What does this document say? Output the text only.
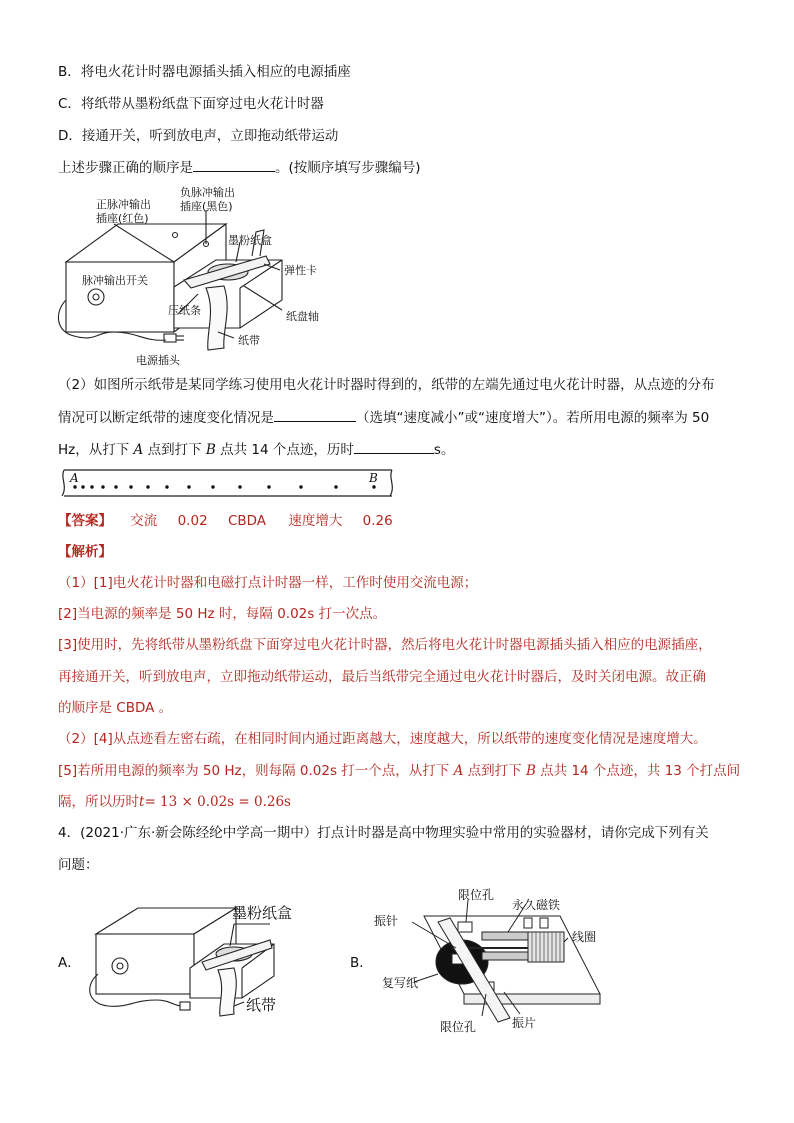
B．将电火花计时器电源插头插入相应的电源插座
C．将纸带从墨粉纸盘下面穿过电火花计时器
D．接通开关，听到放电声，立即拖动纸带运动
上述步骤正确的顺序是	。(按顺序填写步骤编号)
正脉冲输出
插座(红色)
负脉冲输出
插座(黑色)
墨粉纸盒
弹性卡
脉冲输出开关
压纸条	纸盘轴
纸带
电源插头
（2）如图所示纸带是某同学练习使用电火花计时器时得到的，纸带的左端先通过电火花计时器，从点迹的分布
情况可以断定纸带的速度变化情况是	（选填“速度减小”或“速度增大”）。若所用电源的频率为 50
Hz，从打下 A 点到打下 B 点共 14 个点迹，历时	s。
A	B
【答案】 交流 0.02 CBDA 速度增大 0.26
【解析】
（1）[1]电火花计时器和电磁打点计时器一样，工作时使用交流电源；
[2]当电源的频率是 50 Hz 时，每隔 0.02s 打一次点。
[3]使用时，先将纸带从墨粉纸盘下面穿过电火花计时器，然后将电火花计时器电源插头插入相应的电源插座，
再接通开关，听到放电声，立即拖动纸带运动，最后当纸带完全通过电火花计时器后，及时关闭电源。故正确
的顺序是 CBDA 。
（2）[4]从点迹看左密右疏，在相同时间内通过距离越大，速度越大，所以纸带的速度变化情况是速度增大。
[5]若所用电源的频率为 50 Hz，则每隔 0.02s 打一个点，从打下 A 点到打下 B 点共 14 个点迹，共 13 个打点间
隔，所以历时t= 13 × 0.02s = 0.26s
4．(2021·广东·新会陈经纶中学高一期中）打点计时器是高中物理实验中常用的实验器材，请你完成下列有关
问题：
A．
墨粉纸盒
纸带
B．
限位孔
永久磁铁
振针
线圈
复写纸
限位孔	振片
